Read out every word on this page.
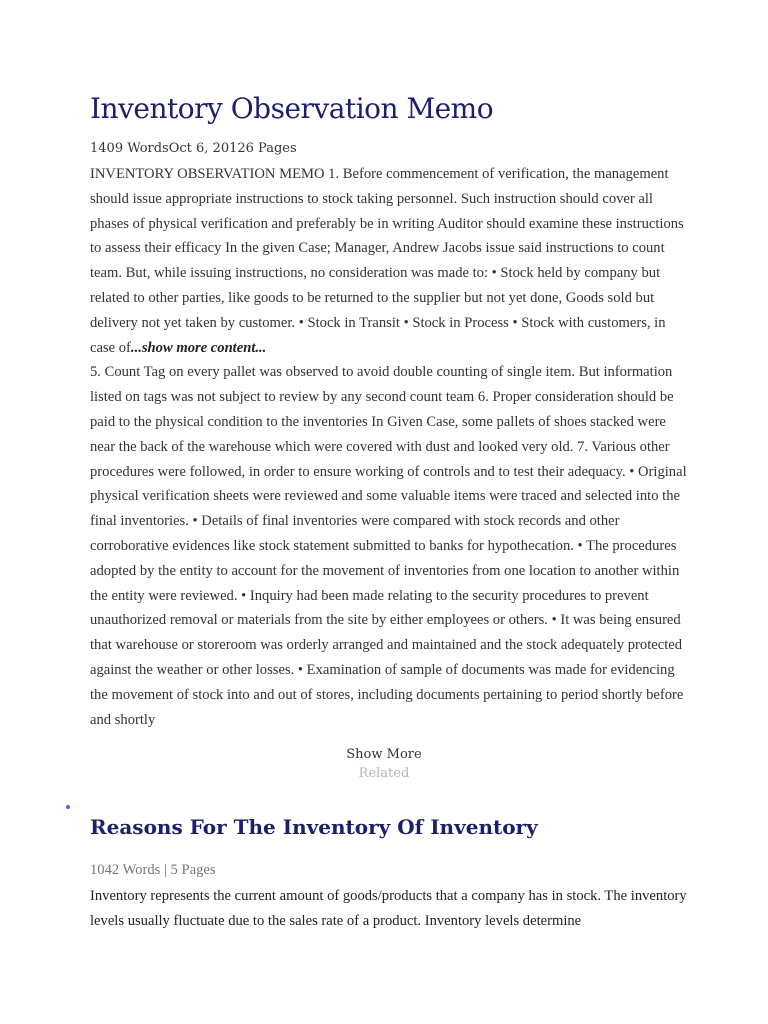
Inventory Observation Memo
1409 WordsOct 6, 20126 Pages

INVENTORY OBSERVATION MEMO 1. Before commencement of verification, the management should issue appropriate instructions to stock taking personnel. Such instruction should cover all phases of physical verification and preferably be in writing Auditor should examine these instructions to assess their efficacy In the given Case; Manager, Andrew Jacobs issue said instructions to count team. But, while issuing instructions, no consideration was made to: • Stock held by company but related to other parties, like goods to be returned to the supplier but not yet done, Goods sold but delivery not yet taken by customer. • Stock in Transit • Stock in Process • Stock with customers, in case of...show more content...

5. Count Tag on every pallet was observed to avoid double counting of single item. But information listed on tags was not subject to review by any second count team 6. Proper consideration should be paid to the physical condition to the inventories In Given Case, some pallets of shoes stacked were near the back of the warehouse which were covered with dust and looked very old. 7. Various other procedures were followed, in order to ensure working of controls and to test their adequacy. • Original physical verification sheets were reviewed and some valuable items were traced and selected into the final inventories. • Details of final inventories were compared with stock records and other corroborative evidences like stock statement submitted to banks for hypothecation. • The procedures adopted by the entity to account for the movement of inventories from one location to another within the entity were reviewed. • Inquiry had been made relating to the security procedures to prevent unauthorized removal or materials from the site by either employees or others. • It was being ensured that warehouse or storeroom was orderly arranged and maintained and the stock adequately protected against the weather or other losses. • Examination of sample of documents was made for evidencing the movement of stock into and out of stores, including documents pertaining to period shortly before and shortly

Show More
Related
Reasons For The Inventory Of Inventory
1042 Words | 5 Pages

Inventory represents the current amount of goods/products that a company has in stock. The inventory levels usually fluctuate due to the sales rate of a product. Inventory levels determine
